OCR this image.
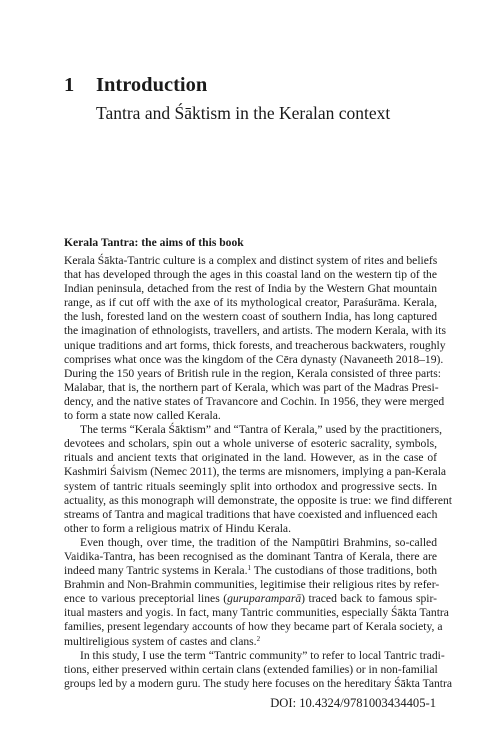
1 Introduction
Tantra and Śāktism in the Keralan context
Kerala Tantra: the aims of this book

Kerala Śākta-Tantric culture is a complex and distinct system of rites and beliefs
that has developed through the ages in this coastal land on the western tip of the
Indian peninsula, detached from the rest of India by the Western Ghat mountain
range, as if cut off with the axe of its mythological creator, Paraśurāma. Kerala,
the lush, forested land on the western coast of southern India, has long captured
the imagination of ethnologists, travellers, and artists. The modern Kerala, with its
unique traditions and art forms, thick forests, and treacherous backwaters, roughly
comprises what once was the kingdom of the Cēra dynasty (Navaneeth 2018–19).
During the 150 years of British rule in the region, Kerala consisted of three parts:
Malabar, that is, the northern part of Kerala, which was part of the Madras Presi-
dency, and the native states of Travancore and Cochin. In 1956, they were merged
to form a state now called Kerala.

The terms “Kerala Śāktism” and “Tantra of Kerala,” used by the practitioners,
devotees and scholars, spin out a whole universe of esoteric sacrality, symbols,
rituals and ancient texts that originated in the land. However, as in the case of
Kashmiri Śaivism (Nemec 2011), the terms are misnomers, implying a pan-Kerala
system of tantric rituals seemingly split into orthodox and progressive sects. In
actuality, as this monograph will demonstrate, the opposite is true: we find different
streams of Tantra and magical traditions that have coexisted and influenced each
other to form a religious matrix of Hindu Kerala.

Even though, over time, the tradition of the Nampūtiri Brahmins, so-called
Vaidika-Tantra, has been recognised as the dominant Tantra of Kerala, there are
indeed many Tantric systems in Kerala.$^1$ The custodians of those traditions, both
Brahmin and Non-Brahmin communities, legitimise their religious rites by refer-
ence to various preceptorial lines (guruparamparā) traced back to famous spir-
itual masters and yogis. In fact, many Tantric communities, especially Śākta Tantra
families, present legendary accounts of how they became part of Kerala society, a
multireligious system of castes and clans.$^2$

In this study, I use the term “Tantric community” to refer to local Tantric tradi-
tions, either preserved within certain clans (extended families) or in non-familial
groups led by a modern guru. The study here focuses on the hereditary Śākta Tantra

DOI: 10.4324/9781003434405-1
